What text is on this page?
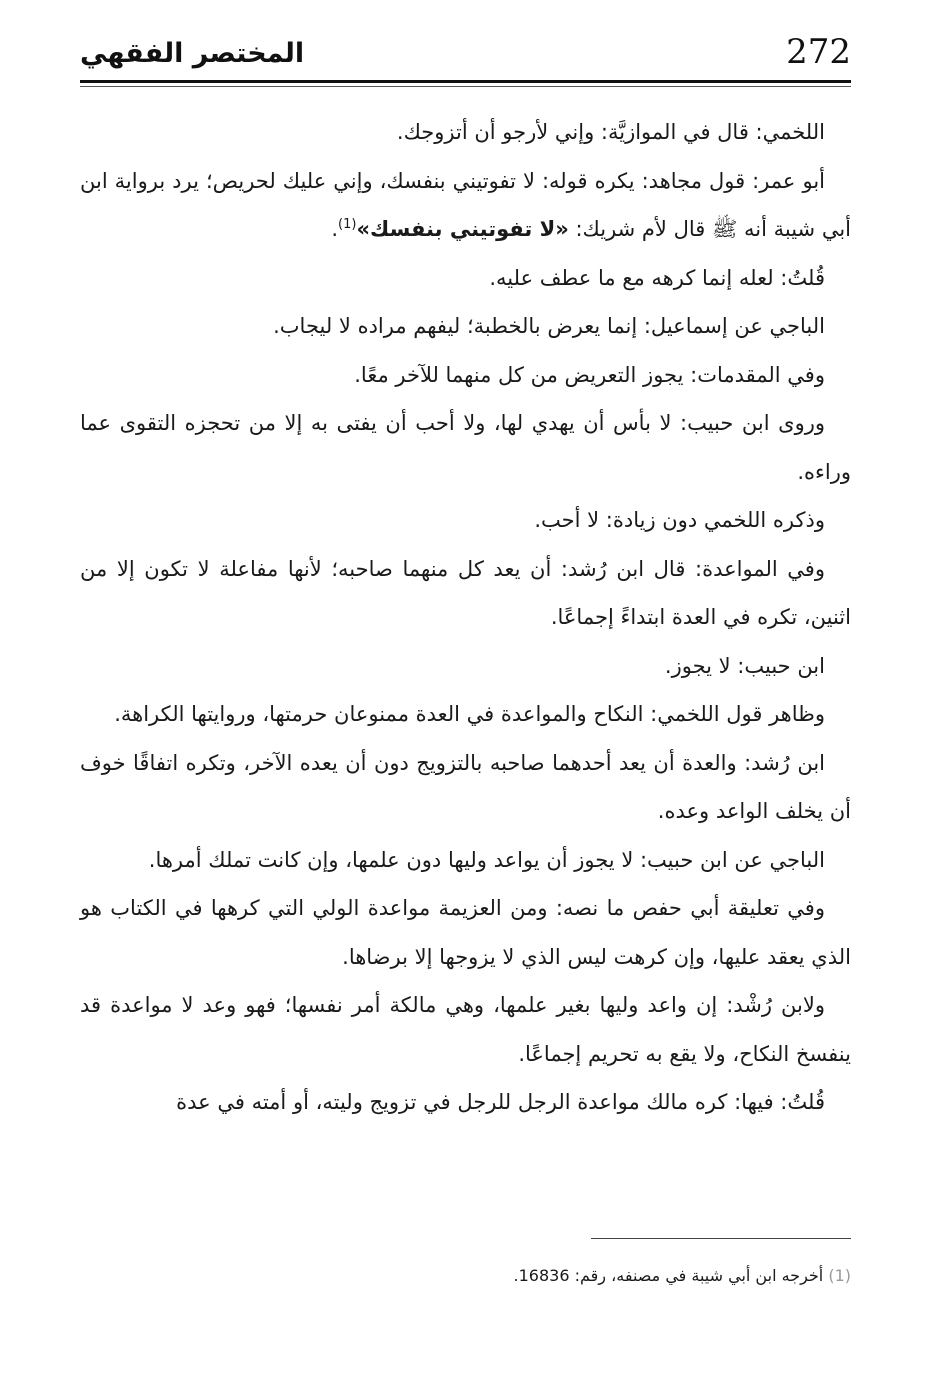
272
المختصر الفقهي

اللخمي: قال في الموازيَّة: وإني لأرجو أن أتزوجك.

أبو عمر: قول مجاهد: يكره قوله: لا تفوتيني بنفسك، وإني عليك لحريص؛ يرد برواية ابن أبي شيبة أنه ﷺ قال لأم شريك: «لا تفوتيني بنفسك»$^{(1)}$.

قُلتُ: لعله إنما كرهه مع ما عطف عليه.

الباجي عن إسماعيل: إنما يعرض بالخطبة؛ ليفهم مراده لا ليجاب.

وفي المقدمات: يجوز التعريض من كل منهما للآخر معًا.

وروى ابن حبيب: لا بأس أن يهدي لها، ولا أحب أن يفتى به إلا من تحجزه التقوى عما وراءه.

وذكره اللخمي دون زيادة: لا أحب.

وفي المواعدة: قال ابن رُشد: أن يعد كل منهما صاحبه؛ لأنها مفاعلة لا تكون إلا من اثنين، تكره في العدة ابتداءً إجماعًا.

ابن حبيب: لا يجوز.

وظاهر قول اللخمي: النكاح والمواعدة في العدة ممنوعان حرمتها، وروايتها الكراهة.

ابن رُشد: والعدة أن يعد أحدهما صاحبه بالتزويج دون أن يعده الآخر، وتكره اتفاقًا خوف أن يخلف الواعد وعده.

الباجي عن ابن حبيب: لا يجوز أن يواعد وليها دون علمها، وإن كانت تملك أمرها.

وفي تعليقة أبي حفص ما نصه: ومن العزيمة مواعدة الولي التي كرهها في الكتاب هو الذي يعقد عليها، وإن كرهت ليس الذي لا يزوجها إلا برضاها.

ولابن رُشْد: إن واعد وليها بغير علمها، وهي مالكة أمر نفسها؛ فهو وعد لا مواعدة قد ينفسخ النكاح، ولا يقع به تحريم إجماعًا.

قُلتُ: فيها: كره مالك مواعدة الرجل للرجل في تزويج وليته، أو أمته في عدة

(1) أخرجه ابن أبي شيبة في مصنفه، رقم: 16836.
